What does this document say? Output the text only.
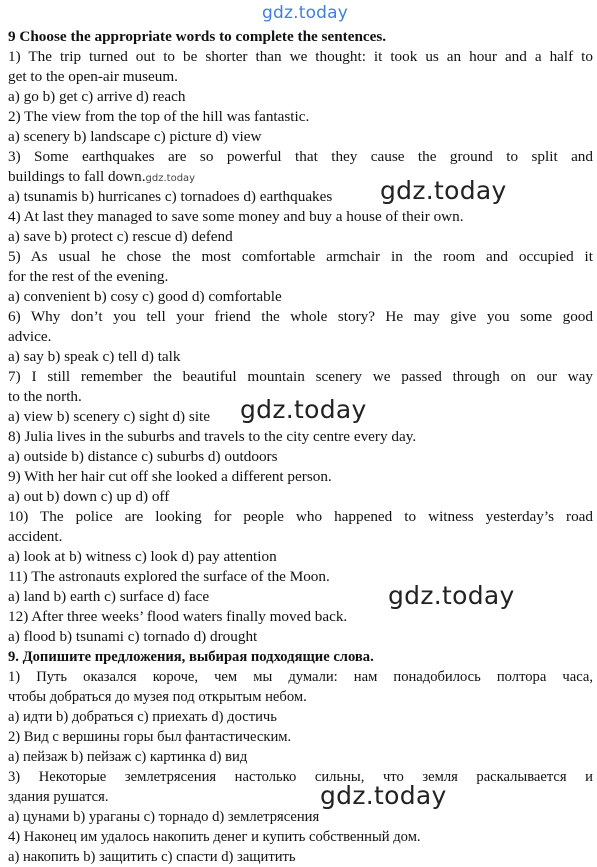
gdz.today
9 Choose the appropriate words to complete the sentences.
1) The trip turned out to be shorter than we thought: it took us an hour and a half to
get to the open-air museum.
a) go b) get c) arrive d) reach
2) The view from the top of the hill was fantastic.
a) scenery b) landscape c) picture d) view
3) Some earthquakes are so powerful that they cause the ground to split and
buildings to fall down.gdz.today
a) tsunamis b) hurricanes c) tornadoes d) earthquakes
4) At last they managed to save some money and buy a house of their own.
a) save b) protect c) rescue d) defend
5) As usual he chose the most comfortable armchair in the room and occupied it
for the rest of the evening.
a) convenient b) cosy c) good d) comfortable
6) Why don’t you tell your friend the whole story? He may give you some good
advice.
a) say b) speak c) tell d) talk
7) I still remember the beautiful mountain scenery we passed through on our way
to the north.
a) view b) scenery c) sight d) site
8) Julia lives in the suburbs and travels to the city centre every day.
a) outside b) distance c) suburbs d) outdoors
9) With her hair cut off she looked a different person.
a) out b) down c) up d) off
10) The police are looking for people who happened to witness yesterday’s road
accident.
a) look at b) witness c) look d) pay attention
11) The astronauts explored the surface of the Moon.
a) land b) earth c) surface d) face
12) After three weeks’ flood waters finally moved back.
a) flood b) tsunami c) tornado d) drought
9. Допишите предложения, выбирая подходящие слова.
1) Путь оказался короче, чем мы думали: нам понадобилось полтора часа,
чтобы добраться до музея под открытым небом.
а) идти b) добраться c) приехать d) достичь
2) Вид с вершины горы был фантастическим.
а) пейзаж b) пейзаж c) картинка d) вид
3) Некоторые землетрясения настолько сильны, что земля раскалывается и
здания рушатся.
а) цунами b) ураганы c) торнадо d) землетрясения
4) Наконец им удалось накопить денег и купить собственный дом.
а) накопить b) защитить c) спасти d) защитить
gdz.today
gdz.today
gdz.today
gdz.today
